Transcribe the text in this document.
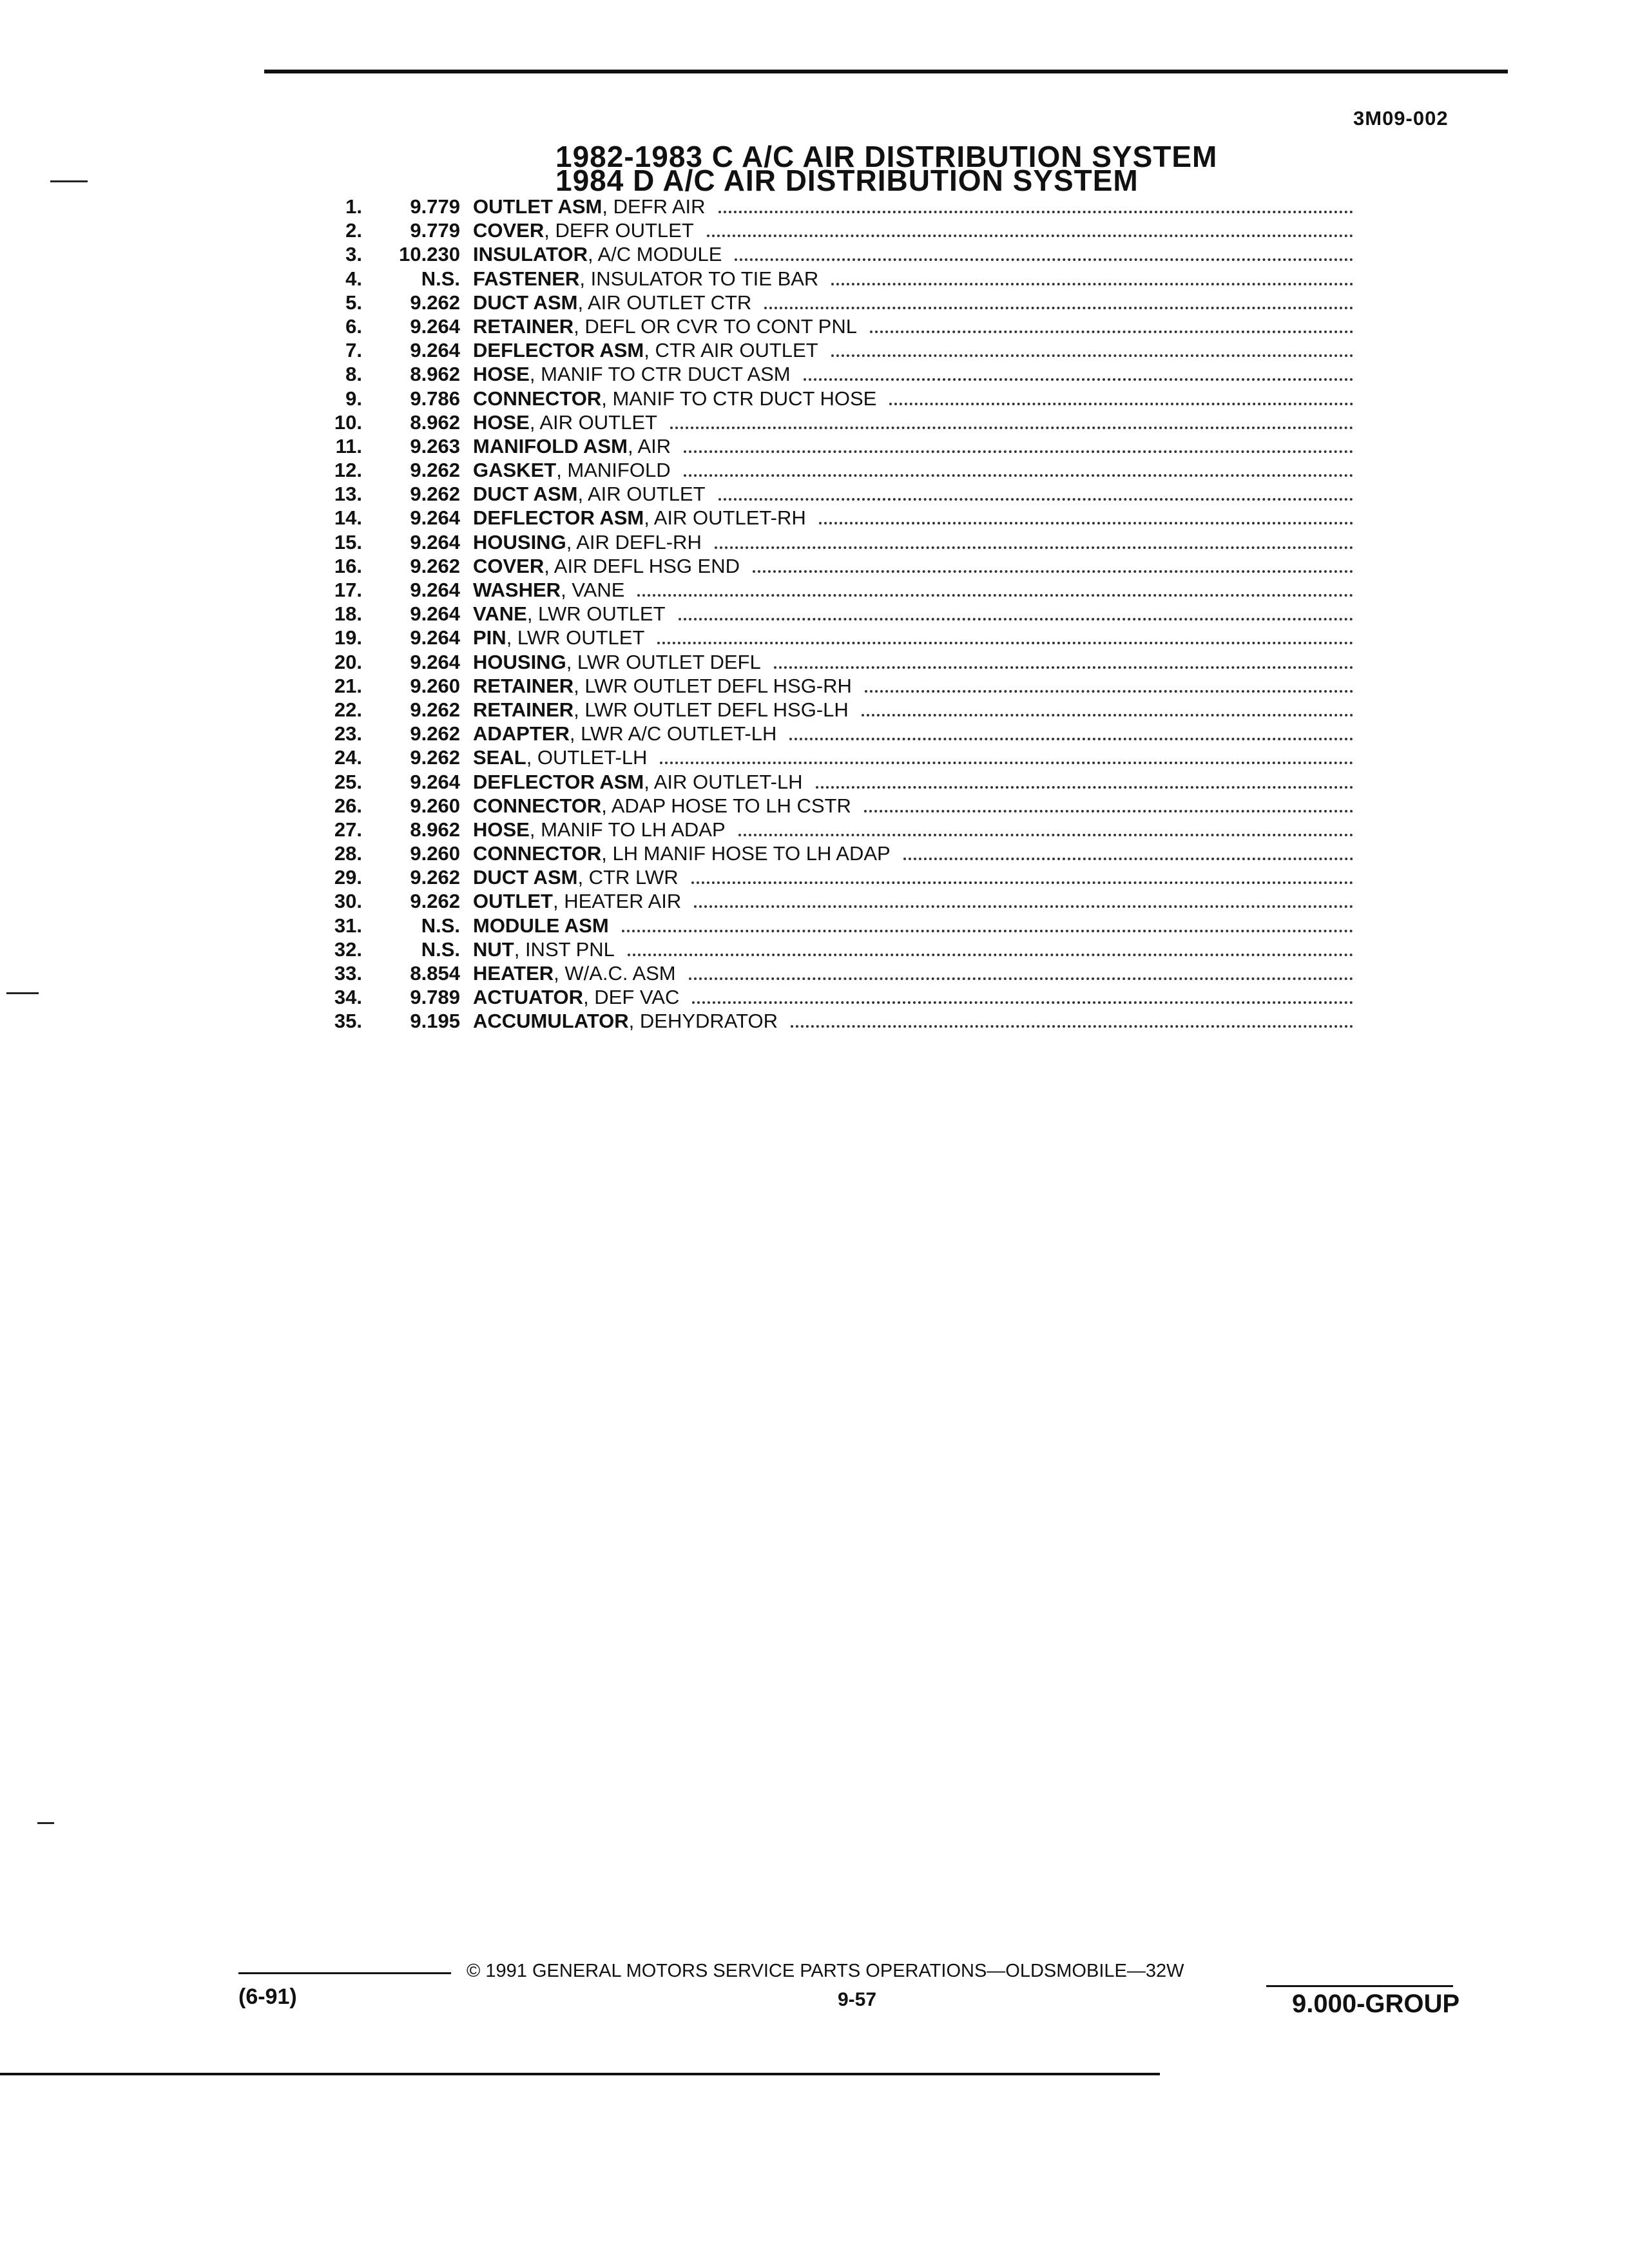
3M09-002
1982-1983 C A/C AIR DISTRIBUTION SYSTEM
1984 D A/C AIR DISTRIBUTION SYSTEM
1.	9.779 OUTLET ASM , DEFR AIR
2.	9.779 COVER , DEFR OUTLET
3.	10.230 INSULATOR , A/C MODULE
4.	N.S. FASTENER , INSULATOR TO TIE BAR
5.	9.262 DUCT ASM , AIR OUTLET CTR
6.	9.264 RETAINER , DEFL OR CVR TO CONT PNL
7.	9.264 DEFLECTOR ASM , CTR AIR OUTLET
8.	8.962 HOSE , MANIF TO CTR DUCT ASM
9.	9.786 CONNECTOR , MANIF TO CTR DUCT HOSE
10.	8.962 HOSE , AIR OUTLET
11.	9.263 MANIFOLD ASM , AIR
12.	9.262 GASKET , MANIFOLD
13.	9.262 DUCT ASM , AIR OUTLET
14.	9.264 DEFLECTOR ASM , AIR OUTLET-RH
15.	9.264 HOUSING , AIR DEFL-RH
16.	9.262 COVER , AIR DEFL HSG END
17.	9.264 WASHER , VANE
18.	9.264 VANE , LWR OUTLET
19.	9.264 PIN , LWR OUTLET
20.	9.264 HOUSING , LWR OUTLET DEFL
21.	9.260 RETAINER , LWR OUTLET DEFL HSG-RH
22.	9.262 RETAINER , LWR OUTLET DEFL HSG-LH
23.	9.262 ADAPTER , LWR A/C OUTLET-LH
24.	9.262 SEAL , OUTLET-LH
25.	9.264 DEFLECTOR ASM , AIR OUTLET-LH
26.	9.260 CONNECTOR , ADAP HOSE TO LH CSTR
27.	8.962 HOSE , MANIF TO LH ADAP
28.	9.260 CONNECTOR , LH MANIF HOSE TO LH ADAP
29.	9.262 DUCT ASM , CTR LWR
30.	9.262 OUTLET , HEATER AIR
31.	N.S. MODULE ASM
32.	N.S. NUT , INST PNL
33.	8.854 HEATER , W/A.C. ASM
34.	9.789 ACTUATOR , DEF VAC
35.	9.195 ACCUMULATOR , DEHYDRATOR
© 1991 GENERAL MOTORS SERVICE PARTS OPERATIONS—OLDSMOBILE—32W
(6-91)	9-57	9.000-GROUP
